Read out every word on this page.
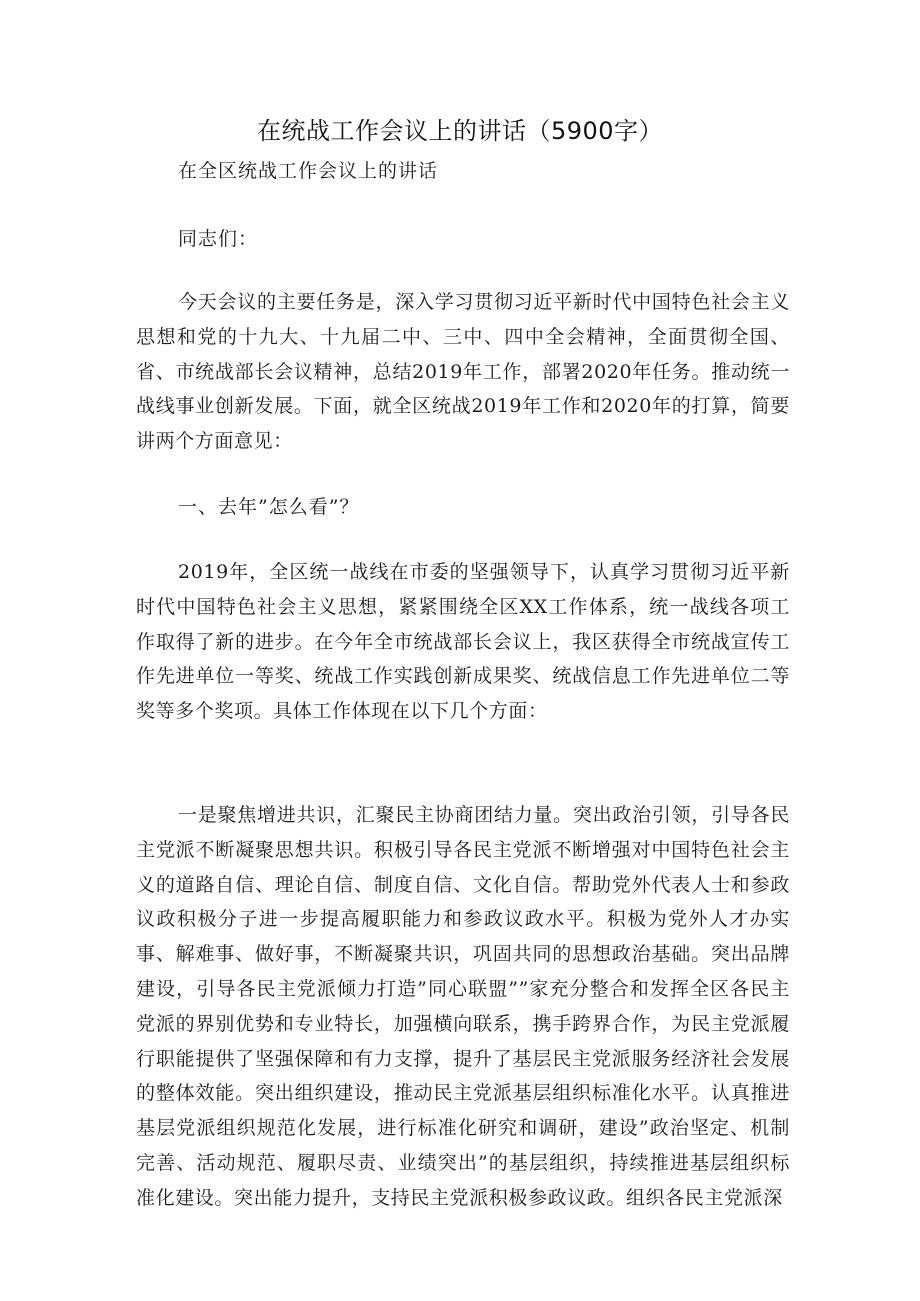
在统战工作会议上的讲话（5900字）
在全区统战工作会议上的讲话
同志们：

今天会议的主要任务是，深入学习贯彻习近平新时代中国特色社会主义思想和党的十九大、十九届二中、三中、四中全会精神，全面贯彻全国、省、市统战部长会议精神，总结2019年工作，部署2020年任务。推动统一战线事业创新发展。下面，就全区统战2019年工作和2020年的打算，简要讲两个方面意见：

一、去年”怎么看”？

2019年，全区统一战线在市委的坚强领导下，认真学习贯彻习近平新时代中国特色社会主义思想，紧紧围绕全区XX工作体系，统一战线各项工作取得了新的进步。在今年全市统战部长会议上，我区获得全市统战宣传工作先进单位一等奖、统战工作实践创新成果奖、统战信息工作先进单位二等奖等多个奖项。具体工作体现在以下几个方面：

一是聚焦增进共识，汇聚民主协商团结力量。突出政治引领，引导各民主党派不断凝聚思想共识。积极引导各民主党派不断增强对中国特色社会主义的道路自信、理论自信、制度自信、文化自信。帮助党外代表人士和参政议政积极分子进一步提高履职能力和参政议政水平。积极为党外人才办实事、解难事、做好事，不断凝聚共识，巩固共同的思想政治基础。突出品牌建设，引导各民主党派倾力打造”同心联盟””家充分整合和发挥全区各民主党派的界别优势和专业特长，加强横向联系，携手跨界合作，为民主党派履行职能提供了坚强保障和有力支撑，提升了基层民主党派服务经济社会发展的整体效能。突出组织建设，推动民主党派基层组织标准化水平。认真推进基层党派组织规范化发展，进行标准化研究和调研，建设”政治坚定、机制完善、活动规范、履职尽责、业绩突出”的基层组织，持续推进基层组织标准化建设。突出能力提升，支持民主党派积极参政议政。组织各民主党派深
